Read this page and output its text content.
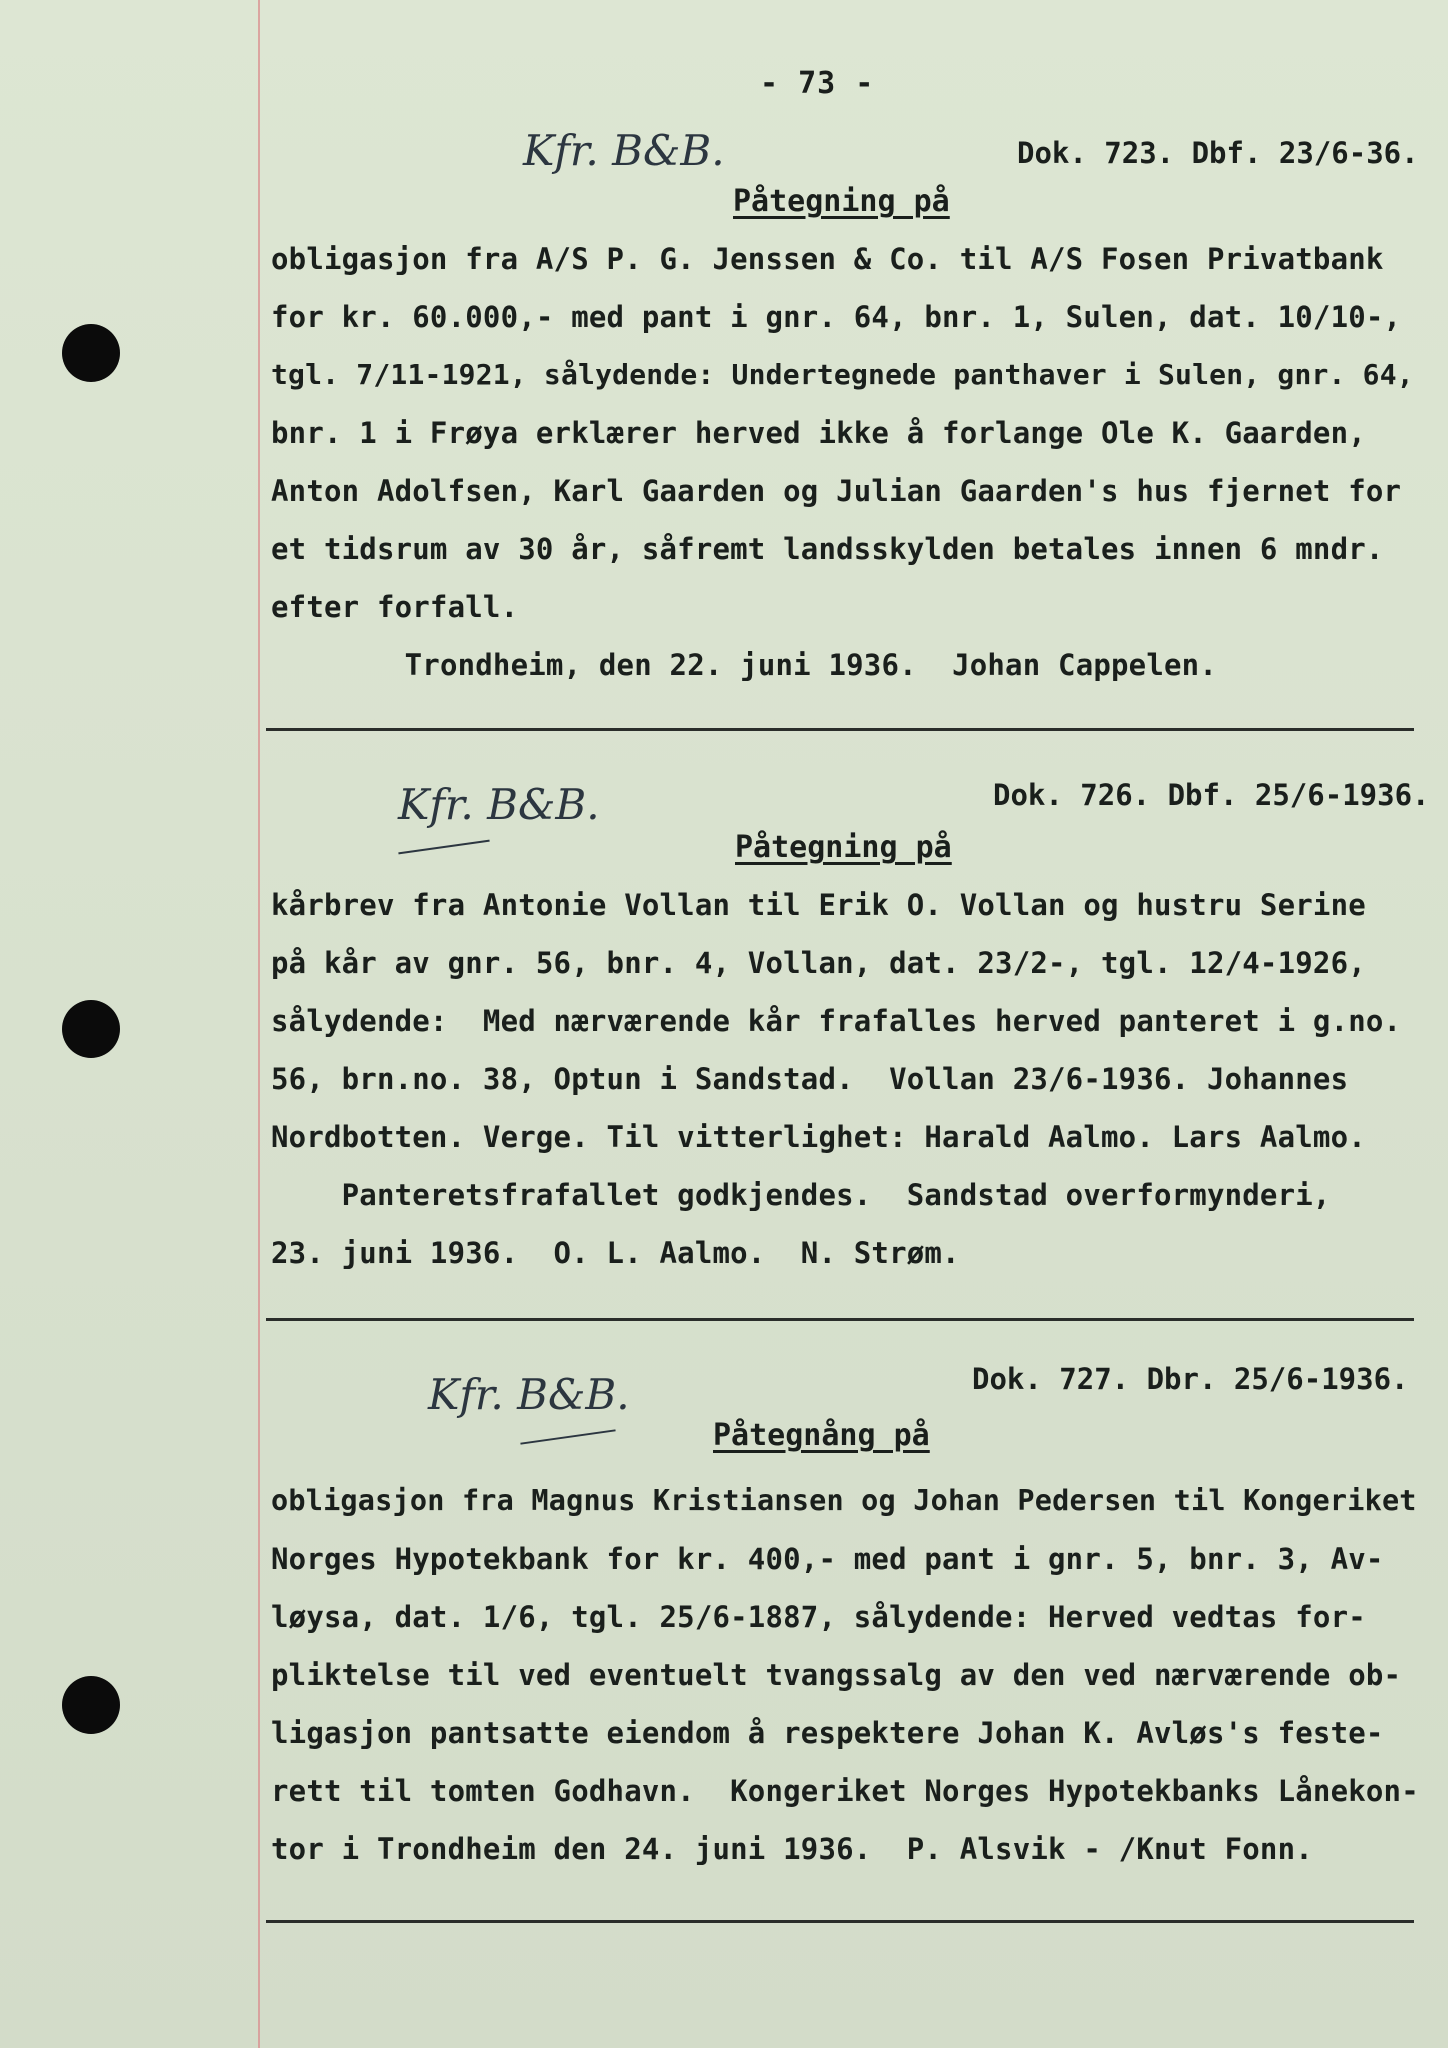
- 73 -
Kfr. B&B.	Dok. 723. Dbf. 23/6-36.
Påtegning på
obligasjon fra A/S P. G. Jenssen & Co. til A/S Fosen Privatbank
for kr. 60.000,- med pant i gnr. 64, bnr. 1, Sulen, dat. 10/10-,
tgl. 7/11-1921, sålydende: Undertegnede panthaver i Sulen, gnr. 64,
bnr. 1 i Frøya erklærer herved ikke å forlange Ole K. Gaarden,
Anton Adolfsen, Karl Gaarden og Julian Gaarden's hus fjernet for
et tidsrum av 30 år, såfremt landsskylden betales innen 6 mndr.
efter forfall.
Trondheim, den 22. juni 1936.  Johan Cappelen.
Kfr. B&B.	Dok. 726. Dbf. 25/6-1936.
Påtegning på
kårbrev fra Antonie Vollan til Erik O. Vollan og hustru Serine
på kår av gnr. 56, bnr. 4, Vollan, dat. 23/2-, tgl. 12/4-1926,
sålydende:  Med nærværende kår frafalles herved panteret i g.no.
56, brn.no. 38, Optun i Sandstad.  Vollan 23/6-1936. Johannes
Nordbotten. Verge. Til vitterlighet: Harald Aalmo. Lars Aalmo.
Panteretsfrafallet godkjendes.  Sandstad overformynderi,
23. juni 1936.  O. L. Aalmo.  N. Strøm.
Kfr. B&B.	Dok. 727. Dbr. 25/6-1936.
Påtegnång på
obligasjon fra Magnus Kristiansen og Johan Pedersen til Kongeriket
Norges Hypotekbank for kr. 400,- med pant i gnr. 5, bnr. 3, Av-
løysa, dat. 1/6, tgl. 25/6-1887, sålydende: Herved vedtas for-
pliktelse til ved eventuelt tvangssalg av den ved nærværende ob-
ligasjon pantsatte eiendom å respektere Johan K. Avløs's feste-
rett til tomten Godhavn.  Kongeriket Norges Hypotekbanks Lånekon-
tor i Trondheim den 24. juni 1936.  P. Alsvik - /Knut Fonn.
